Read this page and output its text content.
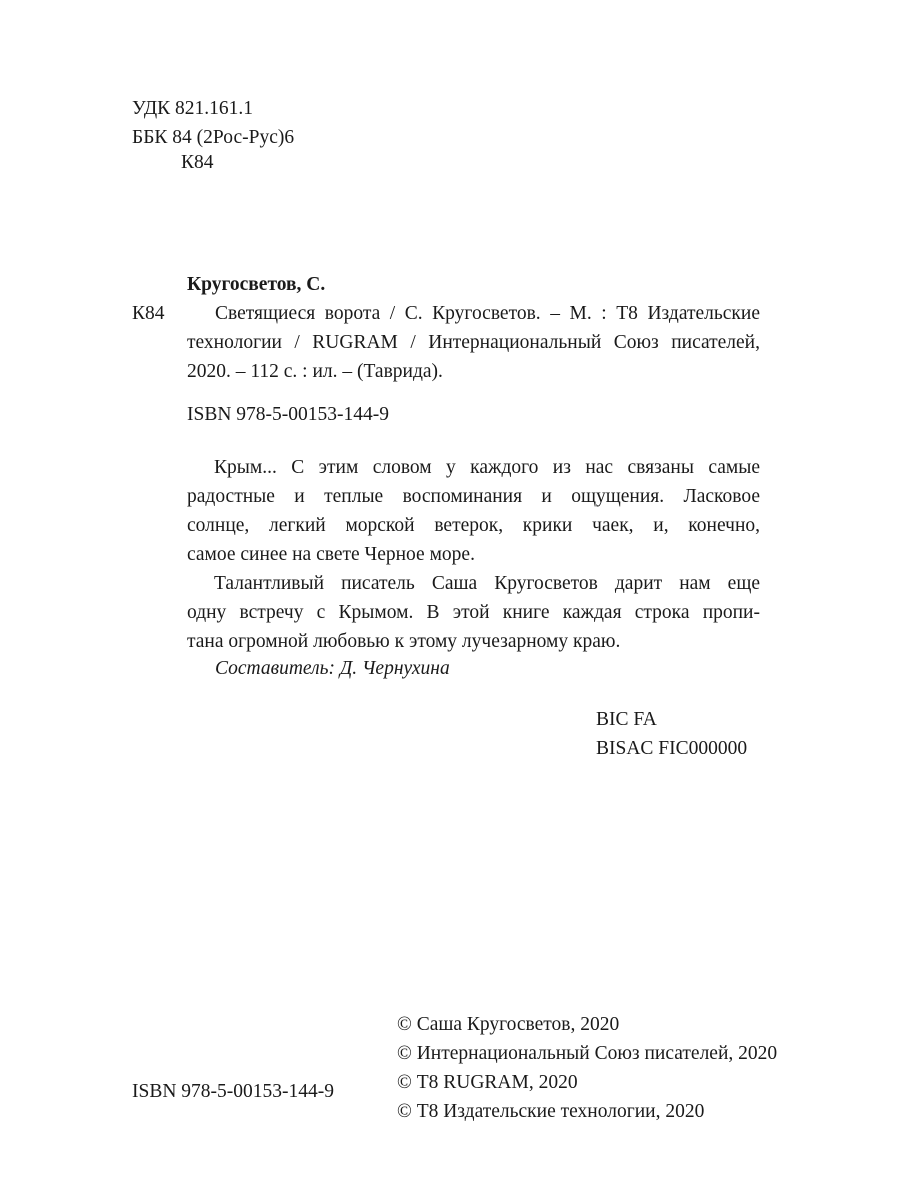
УДК 821.161.1
ББК 84 (2Рос-Рус)6
К84
Кругосветов, С.
К84	Светящиеся ворота / С. Кругосветов. – М. : Т8 Издательские
технологии / RUGRAM / Интернациональный Союз писателей,
2020. – 112 с. : ил. – (Таврида).
ISBN 978-5-00153-144-9
Крым... С этим словом у каждого из нас связаны самые
радостные и теплые воспоминания и ощущения. Ласковое
солнце, легкий морской ветерок, крики чаек, и, конечно,
самое синее на свете Черное море.
Талантливый писатель Саша Кругосветов дарит нам еще
одну встречу с Крымом. В этой книге каждая строка пропи-
тана огромной любовью к этому лучезарному краю.
Составитель: Д. Чернухина
BIC FA
BISAC FIC000000
© Саша Кругосветов, 2020
© Интернациональный Союз писателей, 2020
© Т8 RUGRAM, 2020
© Т8 Издательские технологии, 2020
ISBN 978-5-00153-144-9
